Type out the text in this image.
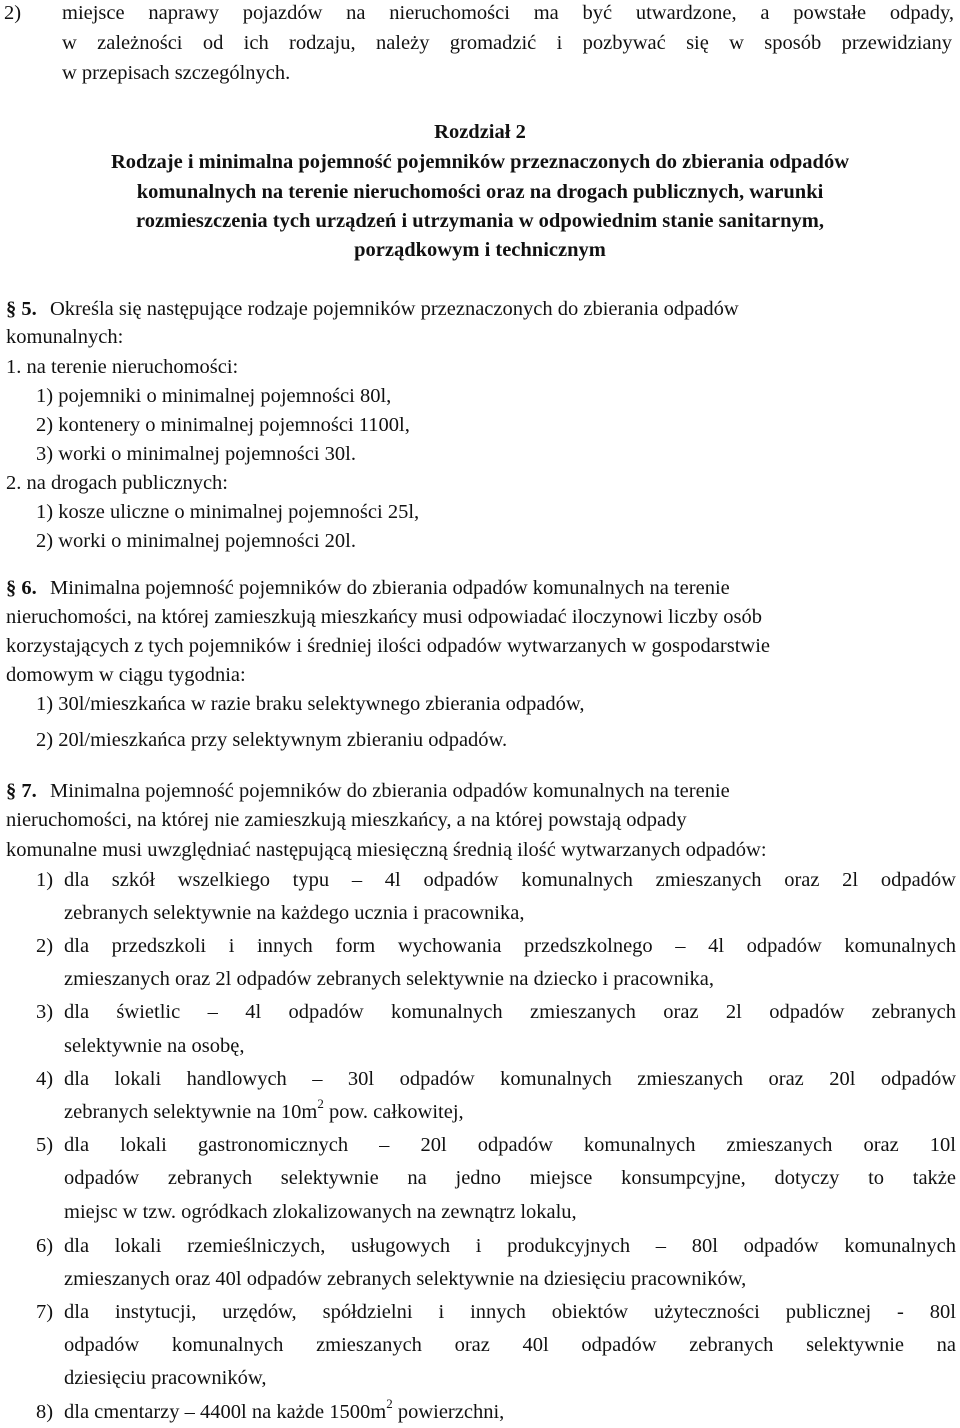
2) miejsce naprawy pojazdów na nieruchomości ma być utwardzone, a powstałe odpady,
w zależności od ich rodzaju, należy gromadzić i pozbywać się w sposób przewidziany
w przepisach szczególnych.
Rozdział 2
Rodzaje i minimalna pojemność pojemników przeznaczonych do zbierania odpadów
komunalnych na terenie nieruchomości oraz na drogach publicznych, warunki
rozmieszczenia tych urządzeń i utrzymania w odpowiednim stanie sanitarnym,
porządkowym i technicznym
§ 5. Określa się następujące rodzaje pojemników przeznaczonych do zbierania odpadów
komunalnych:
1. na terenie nieruchomości:
1) pojemniki o minimalnej pojemności 80l,
2) kontenery o minimalnej pojemności 1100l,
3) worki o minimalnej pojemności 30l.
2. na drogach publicznych:
1) kosze uliczne o minimalnej pojemności 25l,
2) worki o minimalnej pojemności 20l.
§ 6. Minimalna pojemność pojemników do zbierania odpadów komunalnych na terenie
nieruchomości, na której zamieszkują mieszkańcy musi odpowiadać iloczynowi liczby osób
korzystających z tych pojemników i średniej ilości odpadów wytwarzanych w gospodarstwie
domowym w ciągu tygodnia:
1) 30l/mieszkańca w razie braku selektywnego zbierania odpadów,
2) 20l/mieszkańca przy selektywnym zbieraniu odpadów.
§ 7. Minimalna pojemność pojemników do zbierania odpadów komunalnych na terenie
nieruchomości, na której nie zamieszkują mieszkańcy, a na której powstają odpady
komunalne musi uwzględniać następującą miesięczną średnią ilość wytwarzanych odpadów:
1) dla szkół wszelkiego typu – 4l odpadów komunalnych zmieszanych oraz 2l odpadów
zebranych selektywnie na każdego ucznia i pracownika,
2) dla przedszkoli i innych form wychowania przedszkolnego – 4l odpadów komunalnych
zmieszanych oraz 2l odpadów zebranych selektywnie na dziecko i pracownika,
3) dla świetlic – 4l odpadów komunalnych zmieszanych oraz 2l odpadów zebranych
selektywnie na osobę,
4) dla lokali handlowych – 30l odpadów komunalnych zmieszanych oraz 20l odpadów
zebranych selektywnie na $10m^2$ pow. całkowitej,
5) dla lokali gastronomicznych – 20l odpadów komunalnych zmieszanych oraz 10l
odpadów zebranych selektywnie na jedno miejsce konsumpcyjne, dotyczy to także
miejsc w tzw. ogródkach zlokalizowanych na zewnątrz lokalu,
6) dla lokali rzemieślniczych, usługowych i produkcyjnych – 80l odpadów komunalnych
zmieszanych oraz 40l odpadów zebranych selektywnie na dziesięciu pracowników,
7) dla instytucji, urzędów, spółdzielni i innych obiektów użyteczności publicznej - 80l
odpadów komunalnych zmieszanych oraz 40l odpadów zebranych selektywnie na
dziesięciu pracowników,
8) dla cmentarzy – 4400l na każde $1500m^2$ powierzchni,
